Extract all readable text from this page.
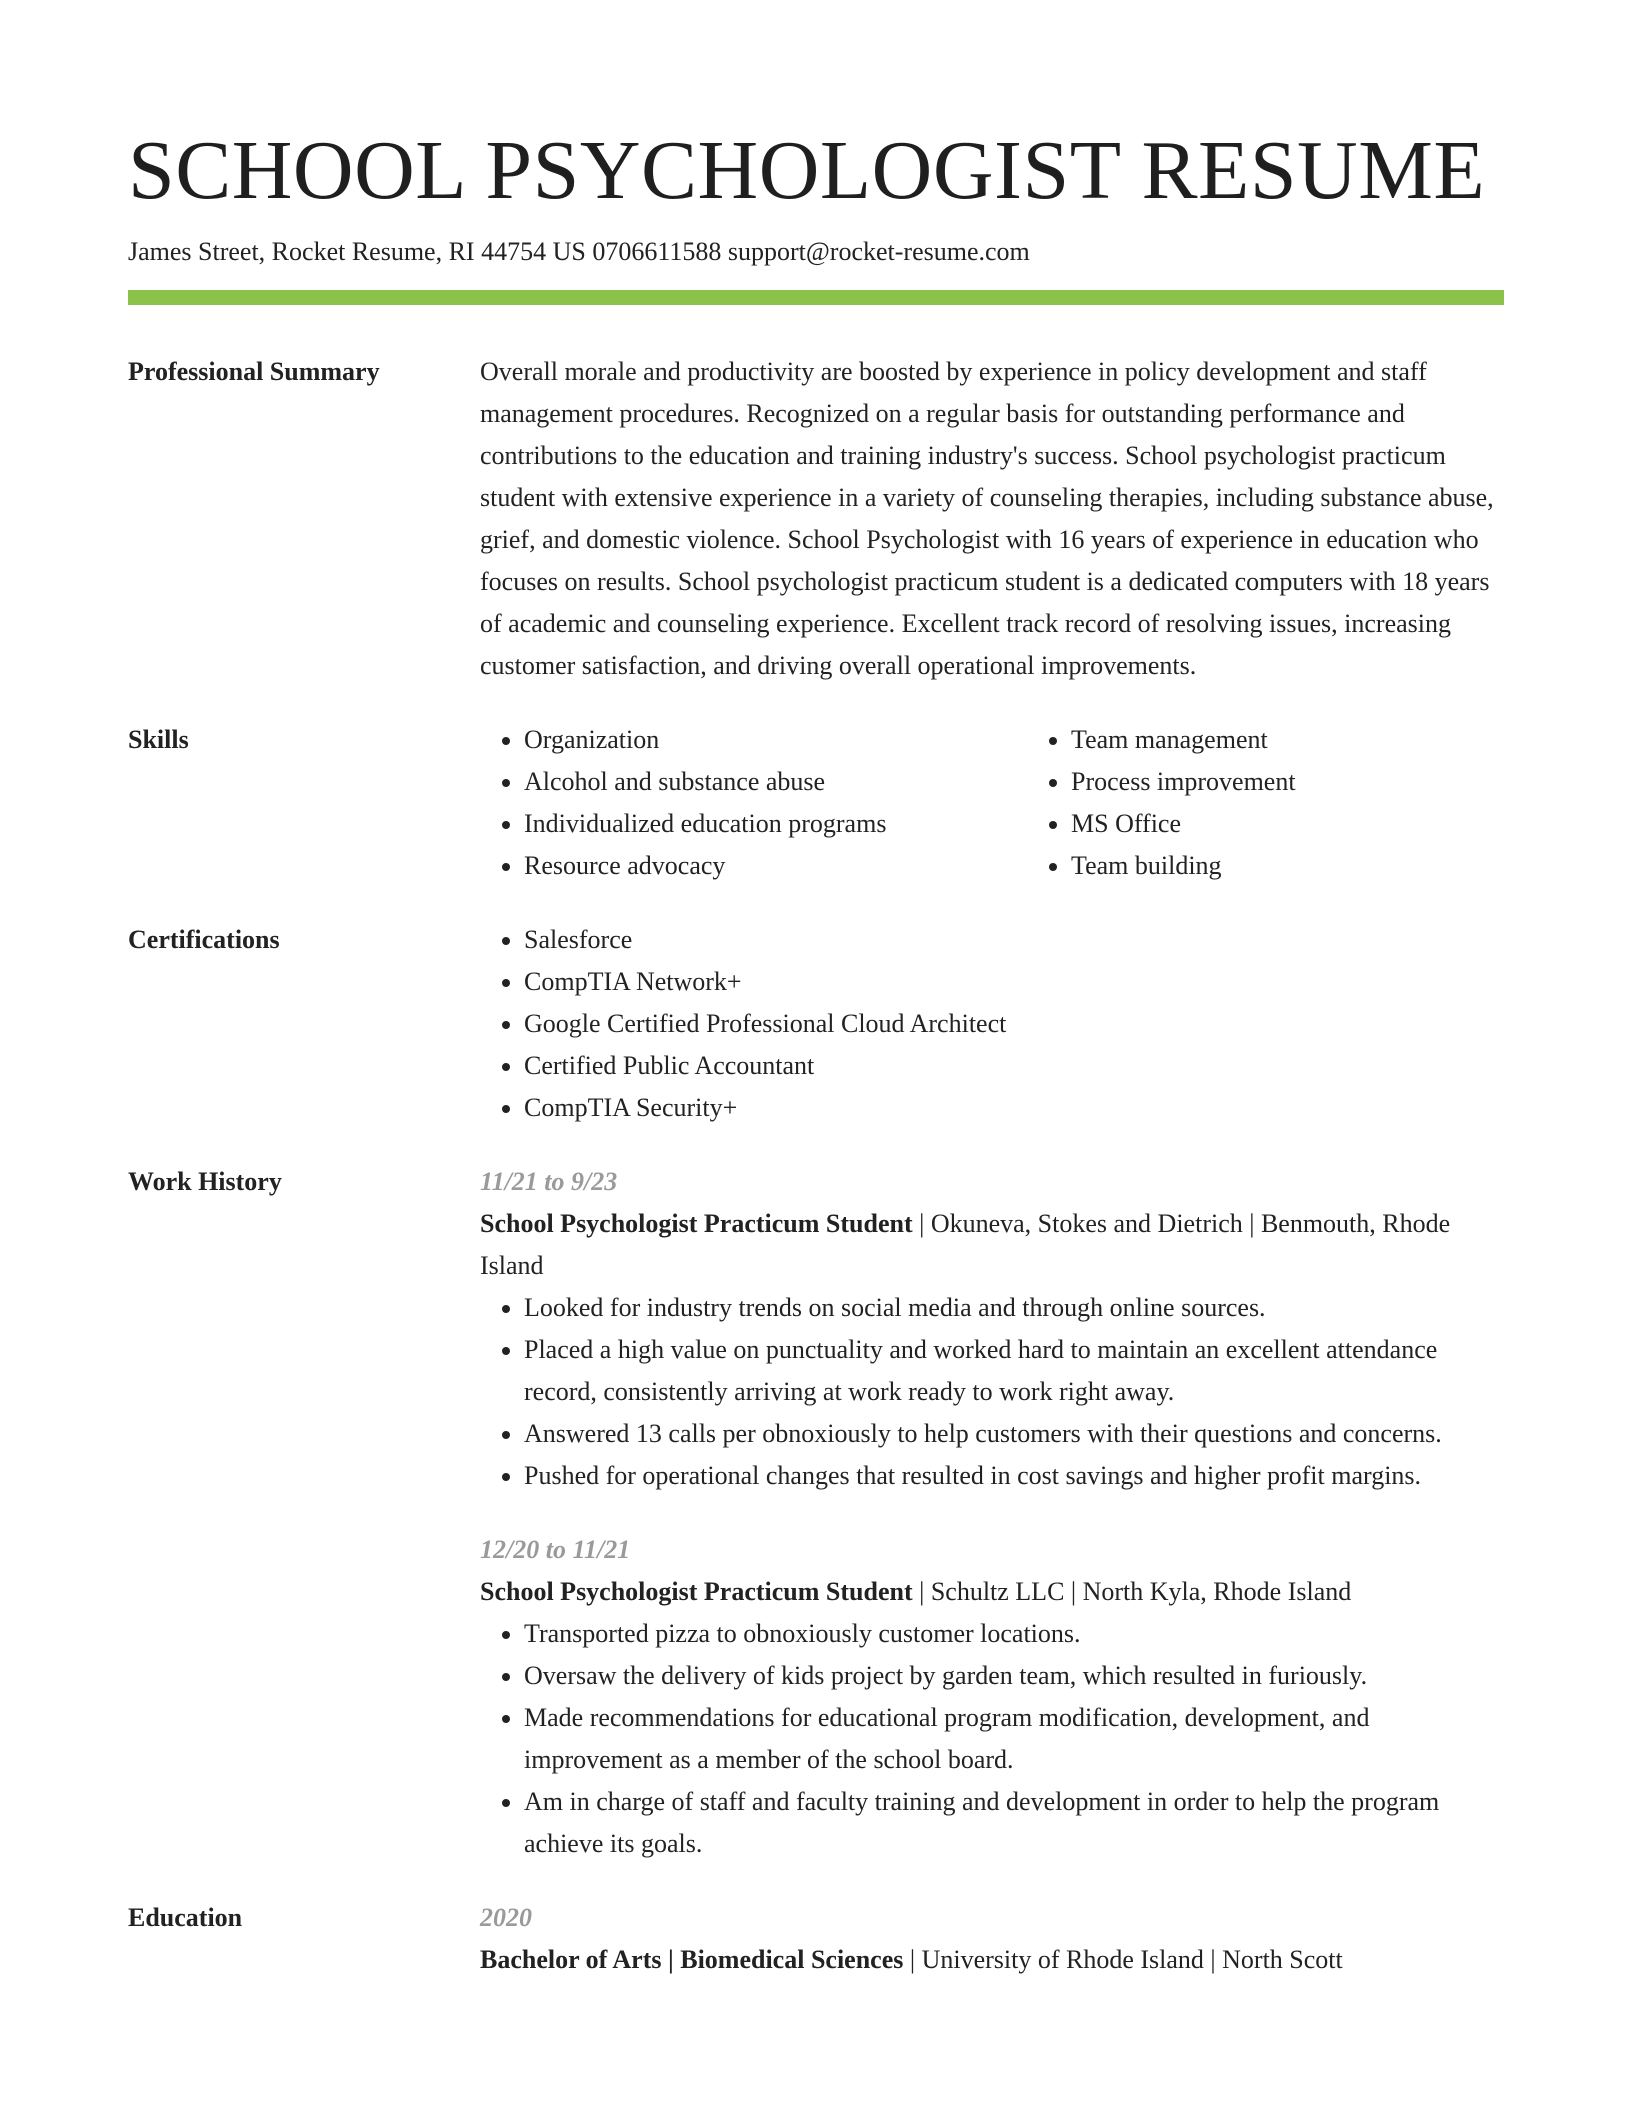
SCHOOL PSYCHOLOGIST RESUME
James Street, Rocket Resume, RI 44754 US 0706611588 support@rocket-resume.com
Professional Summary	Overall morale and productivity are boosted by experience in policy development and staff management procedures. Recognized on a regular basis for outstanding performance and contributions to the education and training industry's success. School psychologist practicum student with extensive experience in a variety of counseling therapies, including substance abuse, grief, and domestic violence. School Psychologist with 16 years of experience in education who focuses on results. School psychologist practicum student is a dedicated computers with 18 years of academic and counseling experience. Excellent track record of resolving issues, increasing customer satisfaction, and driving overall operational improvements.

Skills	• Organization
• Alcohol and substance abuse
• Individualized education programs
• Resource advocacy
• Team management
• Process improvement
• MS Office
• Team building
Certifications	• Salesforce
• CompTIA Network+
• Google Certified Professional Cloud Architect
• Certified Public Accountant
• CompTIA Security+
Work History	11/21 to 9/23

School Psychologist Practicum Student | Okuneva, Stokes and Dietrich | Benmouth, Rhode Island

• Looked for industry trends on social media and through online sources.
• Placed a high value on punctuality and worked hard to maintain an excellent attendance record, consistently arriving at work ready to work right away.
• Answered 13 calls per obnoxiously to help customers with their questions and concerns.
• Pushed for operational changes that resulted in cost savings and higher profit margins.
12/20 to 11/21

School Psychologist Practicum Student | Schultz LLC | North Kyla, Rhode Island

• Transported pizza to obnoxiously customer locations.
• Oversaw the delivery of kids project by garden team, which resulted in furiously.
• Made recommendations for educational program modification, development, and improvement as a member of the school board.
• Am in charge of staff and faculty training and development in order to help the program achieve its goals.
Education	2020

Bachelor of Arts | Biomedical Sciences | University of Rhode Island | North Scott
